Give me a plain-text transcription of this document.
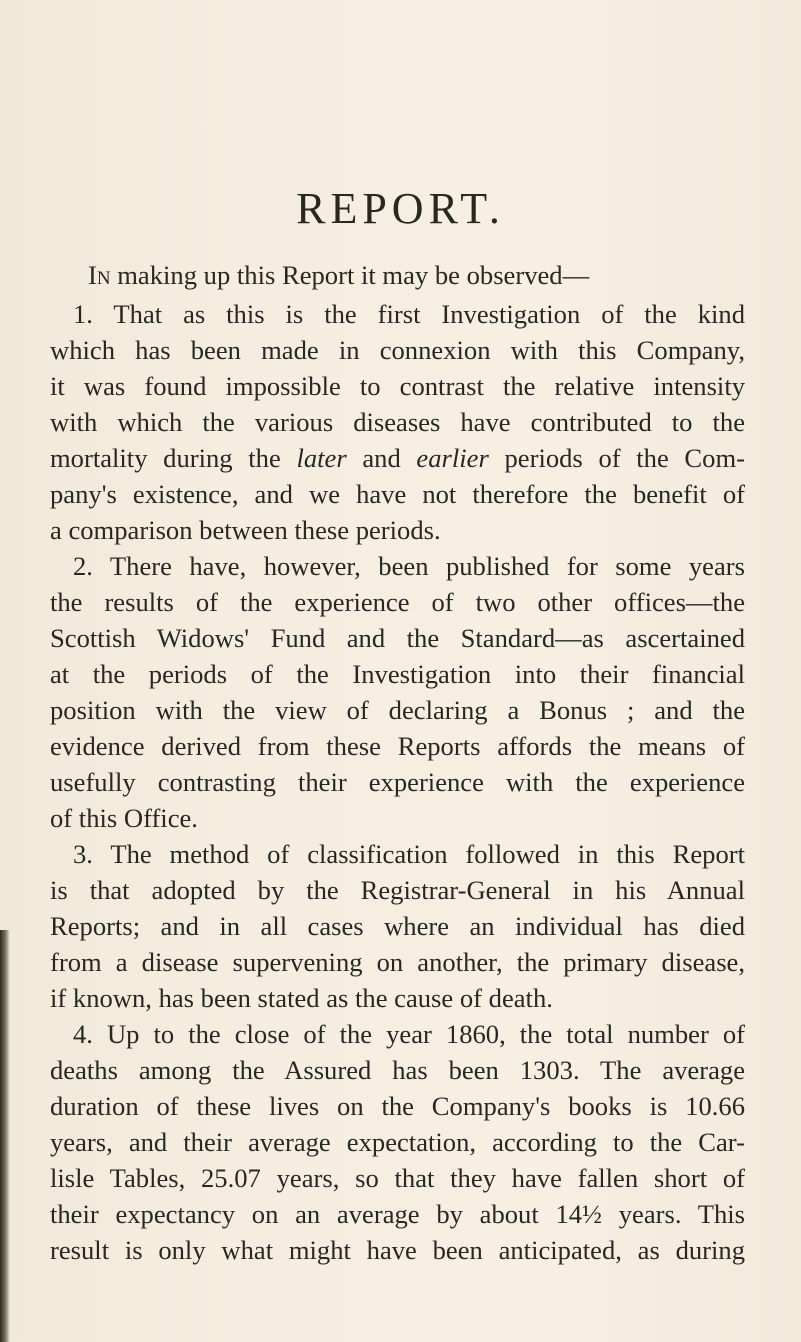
REPORT.
In making up this Report it may be observed—
1. That as this is the first Investigation of the kind
which has been made in connexion with this Company,
it was found impossible to contrast the relative intensity
with which the various diseases have contributed to the
mortality during the later and earlier periods of the Com-
pany's existence, and we have not therefore the benefit of
a comparison between these periods.
2. There have, however, been published for some years
the results of the experience of two other offices—the
Scottish Widows' Fund and the Standard—as ascertained
at the periods of the Investigation into their financial
position with the view of declaring a Bonus ; and the
evidence derived from these Reports affords the means of
usefully contrasting their experience with the experience
of this Office.
3. The method of classification followed in this Report
is that adopted by the Registrar-General in his Annual
Reports; and in all cases where an individual has died
from a disease supervening on another, the primary disease,
if known, has been stated as the cause of death.
4. Up to the close of the year 1860, the total number of
deaths among the Assured has been 1303. The average
duration of these lives on the Company's books is 10.66
years, and their average expectation, according to the Car-
lisle Tables, 25.07 years, so that they have fallen short of
their expectancy on an average by about 14½ years. This
result is only what might have been anticipated, as during
